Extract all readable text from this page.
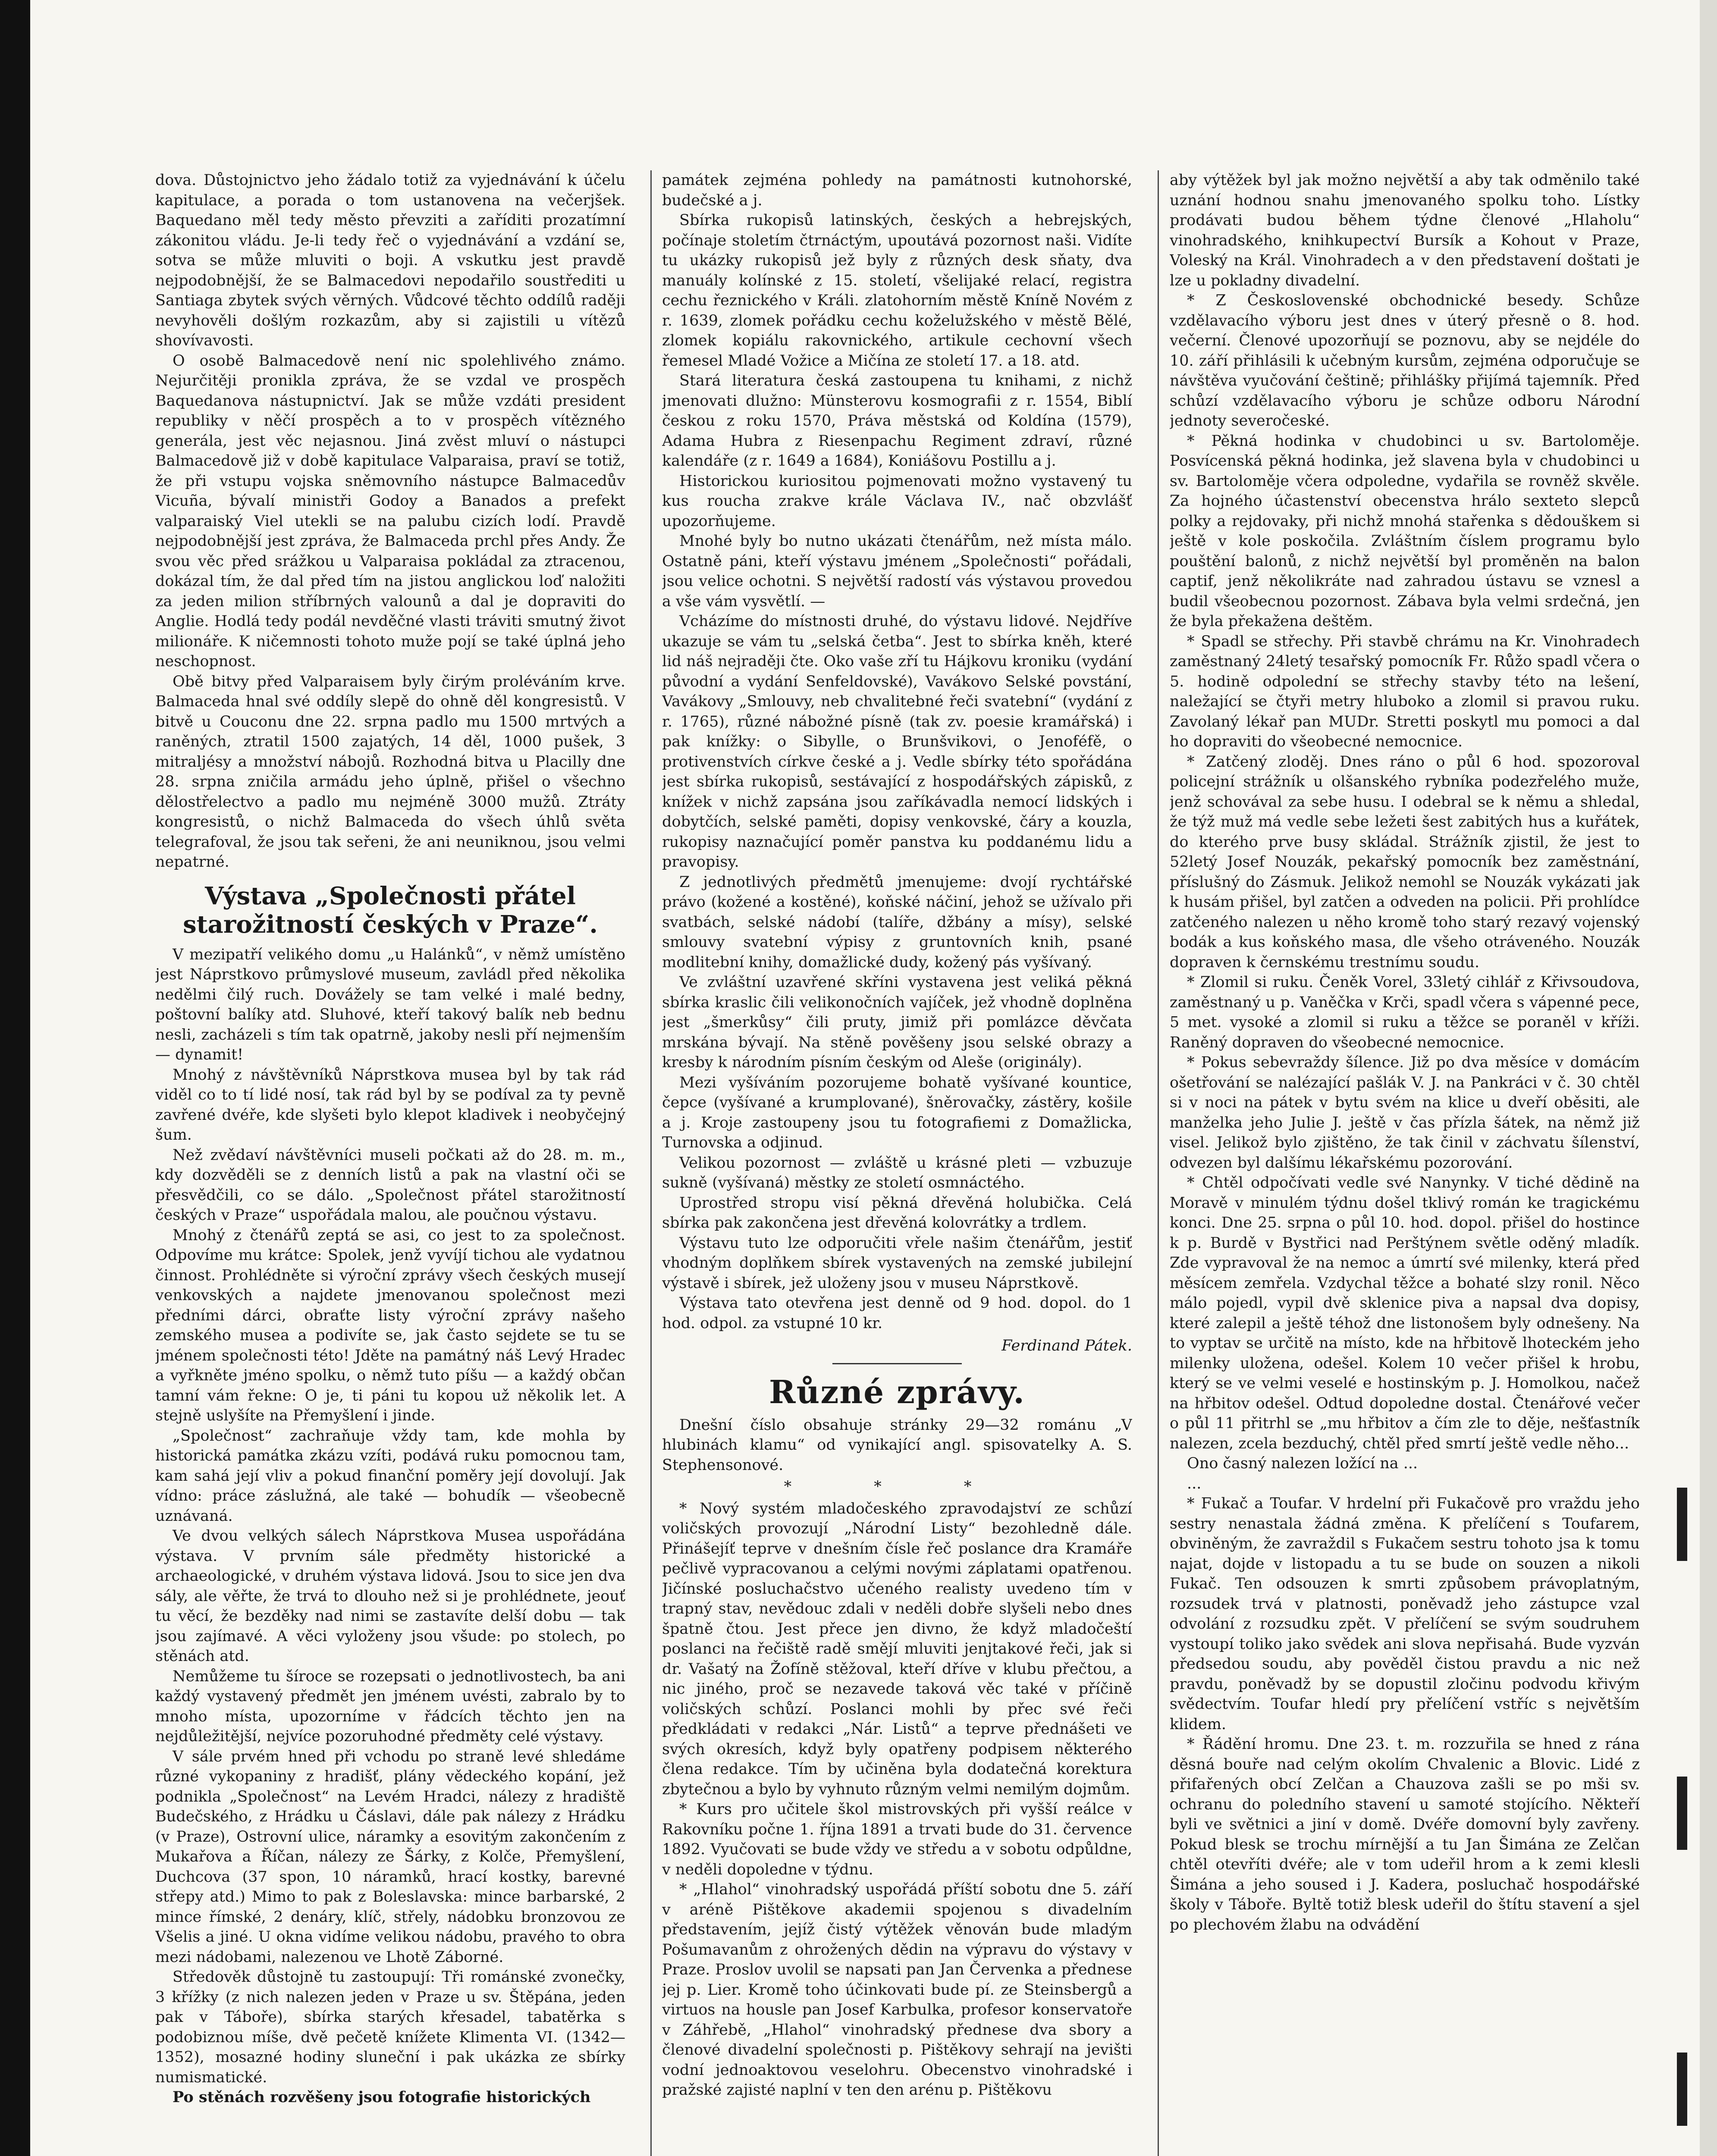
dova. Důstojnictvo jeho žádalo totiž za vyjednávání k účelu kapitulace, a porada o tom ustanovena na večerjšek. Baquedano měl tedy město převziti a zaříditi prozatímní zákonitou vládu. Je-li tedy řeč o vyjednávání a vzdání se, sotva se může mluviti o boji. A vskutku jest pravdě nejpodobnější, že se Balmacedovi nepodařilo soustřediti u Santiaga zbytek svých věrných. Vůdcové těchto oddílů raději nevyhověli došlým rozkazům, aby si zajistili u vítězů shovívavosti.

O osobě Balmacedově není nic spolehlivého známo. Nejurčitěji pronikla zpráva, že se vzdal ve prospěch Baquedanova nástupnictví. Jak se může vzdáti president republiky v něčí prospěch a to v prospěch vítězného generála, jest věc nejasnou. Jiná zvěst mluví o nástupci Balmacedově již v době kapitulace Valparaisa, praví se totiž, že při vstupu vojska sněmovního nástupce Balmacedův Vicuña, bývalí ministři Godoy a Banados a prefekt valparaiský Viel utekli se na palubu cizích lodí. Pravdě nejpodobnější jest zpráva, že Balmaceda prchl přes Andy. Že svou věc před srážkou u Valparaisa pokládal za ztracenou, dokázal tím, že dal před tím na jistou anglickou loď naložiti za jeden milion stříbrných valounů a dal je dopraviti do Anglie. Hodlá tedy podál nevděčné vlasti tráviti smutný život milionáře. K ničemnosti tohoto muže pojí se také úplná jeho neschopnost.

Obě bitvy před Valparaisem byly čirým proléváním krve. Balmaceda hnal své oddíly slepě do ohně děl kongresistů. V bitvě u Couconu dne 22. srpna padlo mu 1500 mrtvých a raněných, ztratil 1500 zajatých, 14 děl, 1000 pušek, 3 mitraljésy a množství nábojů. Rozhodná bitva u Placilly dne 28. srpna zničila armádu jeho úplně, přišel o všechno dělostřelectvo a padlo mu nejméně 3000 mužů. Ztráty kongresistů, o nichž Balmaceda do všech úhlů světa telegrafoval, že jsou tak seřeni, že ani neuniknou, jsou velmi nepatrné.

Výstava „Společnosti přátel starožitností českých v Praze“.

V mezipatří velikého domu „u Halánků“, v němž umístěno jest Náprstkovo průmyslové museum, zavládl před několika nedělmi čilý ruch. Dovážely se tam velké i malé bedny, poštovní balíky atd. Sluhové, kteří takový balík neb bednu nesli, zacházeli s tím tak opatrně, jakoby nesli pří nejmenším — dynamit!

Mnohý z návštěvníků Náprstkova musea byl by tak rád viděl co to tí lidé nosí, tak rád byl by se podíval za ty pevně zavřené dvéře, kde slyšeti bylo klepot kladivek i neobyčejný šum.

Než zvědaví návštěvníci museli počkati až do 28. m. m., kdy dozvěděli se z denních listů a pak na vlastní oči se přesvědčili, co se dálo. „Společnost přátel starožitností českých v Praze“ uspořádala malou, ale poučnou výstavu.

Mnohý z čtenářů zeptá se asi, co jest to za společnost. Odpovíme mu krátce: Spolek, jenž vyvíjí tichou ale vydatnou činnost. Prohlédněte si výroční zprávy všech českých musejí venkovských a najdete jmenovanou společnost mezi předními dárci, obraťte listy výroční zprávy našeho zemského musea a podivíte se, jak často sejdete se tu se jménem společnosti této! Jděte na památný náš Levý Hradec a vyřkněte jméno spolku, o němž tuto píšu — a každý občan tamní vám řekne: O je, ti páni tu kopou už několik let. A stejně uslyšíte na Přemyšlení i jinde.

„Společnost“ zachraňuje vždy tam, kde mohla by historická památka zkázu vzíti, podává ruku pomocnou tam, kam sahá její vliv a pokud finanční poměry její dovolují. Jak vídno: práce záslužná, ale také — bohudík — všeobecně uznávaná.

Ve dvou velkých sálech Náprstkova Musea uspořádána výstava. V prvním sále předměty historické a archaeologické, v druhém výstava lidová. Jsou to sice jen dva sály, ale věřte, že trvá to dlouho než si je prohlédnete, jeouť tu věcí, že bezděky nad nimi se zastavíte delší dobu — tak jsou zajímavé. A věci vyloženy jsou všude: po stolech, po stěnách atd.

Nemůžeme tu šíroce se rozepsati o jednotlivostech, ba ani každý vystavený předmět jen jménem uvésti, zabralo by to mnoho místa, upozorníme v řádcích těchto jen na nejdůležitější, nejvíce pozoruhodné předměty celé výstavy.

V sále prvém hned při vchodu po straně levé shledáme různé vykopaniny z hradišť, plány vědeckého kopání, jež podnikla „Společnost“ na Levém Hradci, nálezy z hradiště Budečského, z Hrádku u Čáslavi, dále pak nálezy z Hrádku (v Praze), Ostrovní ulice, náramky a esovitým zakončením z Mukařova a Říčan, nálezy ze Šárky, z Kolče, Přemyšlení, Duchcova (37 spon, 10 náramků, hrací kostky, barevné střepy atd.) Mimo to pak z Boleslavska: mince barbarské, 2 mince římské, 2 denáry, klíč, střely, nádobku bronzovou ze Všelis a jiné. U okna vidíme velikou nádobu, pravého to obra mezi nádobami, nalezenou ve Lhotě Záborné.

Středověk důstojně tu zastoupují: Tři románské zvonečky, 3 křížky (z nich nalezen jeden v Praze u sv. Štěpána, jeden pak v Táboře), sbírka starých křesadel, tabatěrka s podobiznou míše, dvě pečetě knížete Klimenta VI. (1342—1352), mosazné hodiny sluneční i pak ukázka ze sbírky numismatické.

Po stěnách rozvěšeny jsou fotografie historických

památek zejména pohledy na památnosti kutnohorské, budečské a j.

Sbírka rukopisů latinských, českých a hebrejských, počínaje stoletím čtrnáctým, upoutává pozornost naši. Vidíte tu ukázky rukopisů jež byly z různých desk sňaty, dva manuály kolínské z 15. století, všelijaké relací, registra cechu řeznického v Králi. zlatohorním městě Kníně Novém z r. 1639, zlomek pořádku cechu koželužského v městě Bělé, zlomek kopiálu rakovnického, artikule cechovní všech řemesel Mladé Vožice a Mičína ze století 17. a 18. atd.

Stará literatura česká zastoupena tu knihami, z nichž jmenovati dlužno: Münsterovu kosmografii z r. 1554, Biblí českou z roku 1570, Práva městská od Koldína (1579), Adama Hubra z Riesenpachu Regiment zdraví, různé kalendáře (z r. 1649 a 1684), Koniášovu Postillu a j.

Historickou kuriositou pojmenovati možno vystavený tu kus roucha zrakve krále Václava IV., nač obzvlášť upozorňujeme.

Mnohé byly bo nutno ukázati čtenářům, než místa málo. Ostatně páni, kteří výstavu jménem „Společnosti“ pořádali, jsou velice ochotni. S největší radostí vás výstavou provedou a vše vám vysvětlí. —

Vcházíme do místnosti druhé, do výstavu lidové. Nejdříve ukazuje se vám tu „selská četba“. Jest to sbírka kněh, které lid náš nejraději čte. Oko vaše zří tu Hájkovu kroniku (vydání původní a vydání Senfeldovské), Vavákovo Selské povstání, Vavákovy „Smlouvy, neb chvalitebné řeči svatební“ (vydání z r. 1765), různé nábožné písně (tak zv. poesie kramářská) i pak knížky: o Sibylle, o Brunšvikovi, o Jenoféfě, o protivenstvích církve české a j. Vedle sbírky této spořádána jest sbírka rukopisů, sestávající z hospodářských zápisků, z knížek v nichž zapsána jsou zaříkávadla nemocí lidských i dobytčích, selské paměti, dopisy venkovské, čáry a kouzla, rukopisy naznačující poměr panstva ku poddanému lidu a pravopisy.

Z jednotlivých předmětů jmenujeme: dvojí rychtářské právo (kožené a kostěné), koňské náčiní, jehož se užívalo při svatbách, selské nádobí (talíře, džbány a mísy), selské smlouvy svatební výpisy z gruntovních knih, psané modlitební knihy, domažlické dudy, kožený pás vyšívaný.

Ve zvláštní uzavřené skříni vystavena jest veliká pěkná sbírka kraslic čili velikonočních vajíček, jež vhodně doplněna jest „šmerkůsy“ čili pruty, jimiž při pomlázce děvčata mrskána bývají. Na stěně pověšeny jsou selské obrazy a kresby k národním písním českým od Aleše (originály).

Mezi vyšíváním pozorujeme bohatě vyšívané kountice, čepce (vyšívané a krumplované), šněrovačky, zástěry, košile a j. Kroje zastoupeny jsou tu fotografiemi z Domažlicka, Turnovska a odjinud.

Velikou pozornost — zvláště u krásné pleti — vzbuzuje sukně (vyšívaná) městky ze století osmnáctého.

Uprostřed stropu visí pěkná dřevěná holubička. Celá sbírka pak zakončena jest dřevěná kolovrátky a trdlem.

Výstavu tuto lze odporučiti vřele našim čtenářům, jestiť vhodným doplňkem sbírek vystavených na zemské jubilejní výstavě i sbírek, jež uloženy jsou v museu Náprstkově.

Výstava tato otevřena jest denně od 9 hod. dopol. do 1 hod. odpol. za vstupné 10 kr.

Ferdinand Pátek.
Různé zprávy.

Dnešní číslo obsahuje stránky 29—32 románu „V hlubinách klamu“ od vynikající angl. spisovatelky A. S. Stephensonové.

* * *

* Nový systém mladočeského zpravodajství ze schůzí voličských provozují „Národní Listy“ bezohledně dále. Přinášejíť teprve v dnešním čísle řeč poslance dra Kramáře pečlivě vypracovanou a celými novými záplatami opatřenou. Jičínské posluchačstvo učeného realisty uvedeno tím v trapný stav, nevědouc zdali v neděli dobře slyšeli nebo dnes špatně čtou. Jest přece jen divno, že když mladočeští poslanci na řečiště radě smějí mluviti jenjtakové řeči, jak si dr. Vašatý na Žofíně stěžoval, kteří dříve v klubu přečtou, a nic jiného, proč se nezavede taková věc také v příčině voličských schůzí. Poslanci mohli by přec své řeči předkládati v redakci „Nár. Listů“ a teprve přednášeti ve svých okresích, když byly opatřeny podpisem některého člena redakce. Tím by učiněna byla dodatečná korektura zbytečnou a bylo by vyhnuto různým velmi nemilým dojmům.

* Kurs pro učitele škol mistrovských při vyšší reálce v Rakovníku počne 1. října 1891 a trvati bude do 31. července 1892. Vyučovati se bude vždy ve středu a v sobotu odpůldne, v neděli dopoledne v týdnu.

* „Hlahol“ vinohradský uspořádá příští sobotu dne 5. září v aréně Pištěkove akademii spojenou s divadelním představením, jejíž čistý výtěžek věnován bude mladým Pošumavanům z ohrožených dědin na výpravu do výstavy v Praze. Proslov uvolil se napsati pan Jan Červenka a přednese jej p. Lier. Kromě toho účinkovati bude pí. ze Steinsbergů a virtuos na housle pan Josef Karbulka, profesor konservatoře v Záhřebě, „Hlahol“ vinohradský přednese dva sbory a členové divadelní společnosti p. Pištěkovy sehrají na jevišti vodní jednoaktovou veselohru. Obecenstvo vinohradské i pražské zajisté naplní v ten den arénu p. Pištěkovu

aby výtěžek byl jak možno největší a aby tak odměnilo také uznání hodnou snahu jmenovaného spolku toho. Lístky prodávati budou během týdne členové „Hlaholu“ vinohradského, knihkupectví Bursík a Kohout v Praze, Voleský na Král. Vinohradech a v den představení doštati je lze u pokladny divadelní.

* Z Československé obchodnické besedy. Schůze vzdělavacího výboru jest dnes v úterý přesně o 8. hod. večerní. Členové upozorňují se poznovu, aby se nejdéle do 10. září přihlásili k učebným kursům, zejména odporučuje se návštěva vyučování češtině; přihlášky přijímá tajemník. Před schůzí vzdělavacího výboru je schůze odboru Národní jednoty severočeské.

* Pěkná hodinka v chudobinci u sv. Bartoloměje. Posvícenská pěkná hodinka, jež slavena byla v chudobinci u sv. Bartoloměje včera odpoledne, vydařila se rovněž skvěle. Za hojného účastenství obecenstva hrálo sexteto slepců polky a rejdovaky, při nichž mnohá stařenka s dědouškem si ještě v kole poskočila. Zvláštním číslem programu bylo pouštění balonů, z nichž největší byl proměněn na balon captif, jenž několikráte nad zahradou ústavu se vznesl a budil všeobecnou pozornost. Zábava byla velmi srdečná, jen že byla překažena deštěm.

* Spadl se střechy. Při stavbě chrámu na Kr. Vinohradech zaměstnaný 24letý tesařský pomocník Fr. Růžo spadl včera o 5. hodině odpolední se střechy stavby této na lešení, naležající se čtyři metry hluboko a zlomil si pravou ruku. Zavolaný lékař pan MUDr. Stretti poskytl mu pomoci a dal ho dopraviti do všeobecné nemocnice.

* Zatčený zloděj. Dnes ráno o půl 6 hod. spozoroval policejní strážník u olšanského rybníka podezřelého muže, jenž schovával za sebe husu. I odebral se k němu a shledal, že týž muž má vedle sebe ležeti šest zabitých hus a kuřátek, do kterého prve busy skládal. Strážník zjistil, že jest to 52letý Josef Nouzák, pekařský pomocník bez zaměstnání, příslušný do Zásmuk. Jelikož nemohl se Nouzák vykázati jak k husám přišel, byl zatčen a odveden na policii. Při prohlídce zatčeného nalezen u něho kromě toho starý rezavý vojenský bodák a kus koňského masa, dle všeho otráveného. Nouzák dopraven k černskému trestnímu soudu.

* Zlomil si ruku. Čeněk Vorel, 33letý cihlář z Křivsoudova, zaměstnaný u p. Vaněčka v Krči, spadl včera s vápenné pece, 5 met. vysoké a zlomil si ruku a těžce se poraněl v kříži. Raněný dopraven do všeobecné nemocnice.

* Pokus sebevraždy šílence. Již po dva měsíce v domácím ošetřování se nalézající pašlák V. J. na Pankráci v č. 30 chtěl si v noci na pátek v bytu svém na klice u dveří oběsiti, ale manželka jeho Julie J. ještě v čas přízla šátek, na němž již visel. Jelikož bylo zjištěno, že tak činil v záchvatu šílenství, odvezen byl dalšímu lékařskému pozorování.

* Chtěl odpočívati vedle své Nanynky. V tiché dědině na Moravě v minulém týdnu došel tklivý román ke tragickému konci. Dne 25. srpna o půl 10. hod. dopol. přišel do hostince k p. Burdě v Bystřici nad Perštýnem světle oděný mladík. Zde vypravoval že na nemoc a úmrtí své milenky, která před měsícem zemřela. Vzdychal těžce a bohaté slzy ronil. Něco málo pojedl, vypil dvě sklenice piva a napsal dva dopisy, které zalepil a ještě téhož dne listonošem byly odnešeny. Na to vyptav se určitě na místo, kde na hřbitově lhoteckém jeho milenky uložena, odešel. Kolem 10 večer přišel k hrobu, který se ve velmi veselé e hostinským p. J. Homolkou, načež na hřbitov odešel. Odtud dopoledne dostal. Čtenářové večer o půl 11 přitrhl se „mu hřbitov a čím zle to děje, nešťastník nalezen, zcela bezduchý, chtěl před smrtí ještě vedle něho...

Ono časný nalezen ložící na ...

...

* Fukač a Toufar. V hrdelní při Fukačově pro vraždu jeho sestry nenastala žádná změna. K přelíčení s Toufarem, obviněným, že zavraždil s Fukačem sestru tohoto jsa k tomu najat, dojde v listopadu a tu se bude on souzen a nikoli Fukač. Ten odsouzen k smrti způsobem právoplatným, rozsudek trvá v platnosti, poněvadž jeho zástupce vzal odvolání z rozsudku zpět. V přelíčení se svým soudruhem vystoupí toliko jako svědek ani slova nepřisahá. Bude vyzván předsedou soudu, aby pověděl čistou pravdu a nic než pravdu, poněvadž by se dopustil zločinu podvodu křivým svědectvím. Toufar hledí pry přelíčení vstříc s největším klidem.

* Řádění hromu. Dne 23. t. m. rozzuřila se hned z rána děsná bouře nad celým okolím Chvalenic a Blovic. Lidé z přifařených obcí Zelčan a Chauzova zašli se po mši sv. ochranu do poledního stavení u samoté stojícího. Někteří byli ve světnici a jiní v domě. Dvéře domovní byly zavřeny. Pokud blesk se trochu mírnější a tu Jan Šimána ze Zelčan chtěl otevříti dvéře; ale v tom udeřil hrom a k zemi klesli Šimána a jeho soused i J. Kadera, posluchač hospodářské školy v Táboře. Byltě totiž blesk udeřil do štítu stavení a sjel po plechovém žlabu na odvádění
